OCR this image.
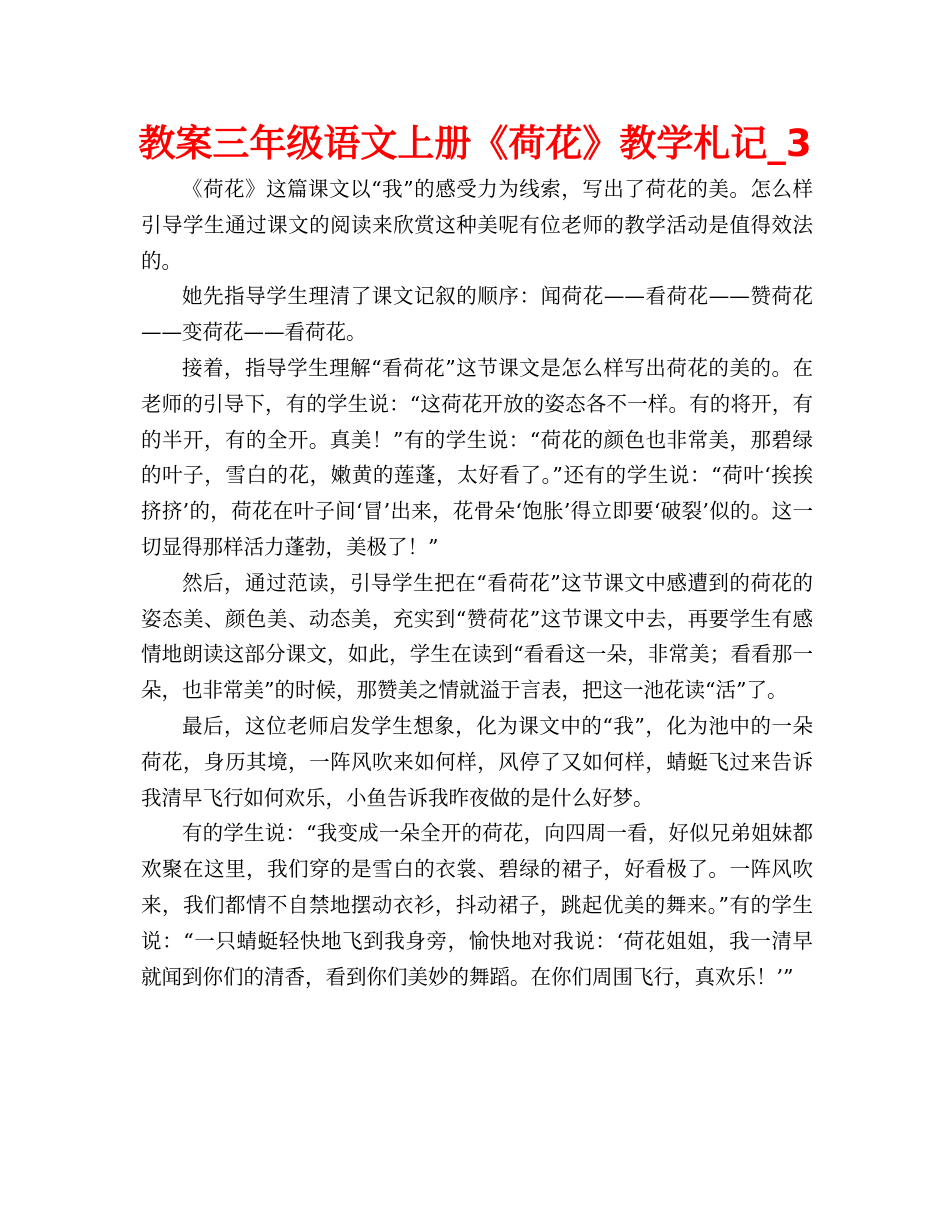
教案三年级语文上册《荷花》教学札记_3

《荷花》这篇课文以“我”的感受力为线索，写出了荷花的美。怎么样引导学生通过课文的阅读来欣赏这种美呢有位老师的教学活动是值得效法的。

她先指导学生理清了课文记叙的顺序：闻荷花——看荷花——赞荷花——变荷花——看荷花。

接着，指导学生理解“看荷花”这节课文是怎么样写出荷花的美的。在老师的引导下，有的学生说：“这荷花开放的姿态各不一样。有的将开，有的半开，有的全开。真美！”有的学生说：“荷花的颜色也非常美，那碧绿的叶子，雪白的花，嫩黄的莲蓬，太好看了。”还有的学生说：“荷叶‘挨挨挤挤’的，荷花在叶子间‘冒’出来，花骨朵‘饱胀’得立即要‘破裂’似的。这一切显得那样活力蓬勃，美极了！”

然后，通过范读，引导学生把在“看荷花”这节课文中感遭到的荷花的姿态美、颜色美、动态美，充实到“赞荷花”这节课文中去，再要学生有感情地朗读这部分课文，如此，学生在读到“看看这一朵，非常美；看看那一朵，也非常美”的时候，那赞美之情就溢于言表，把这一池花读“活”了。

最后，这位老师启发学生想象，化为课文中的“我”，化为池中的一朵荷花，身历其境，一阵风吹来如何样，风停了又如何样，蜻蜓飞过来告诉我清早飞行如何欢乐，小鱼告诉我昨夜做的是什么好梦。

有的学生说：“我变成一朵全开的荷花，向四周一看，好似兄弟姐妹都欢聚在这里，我们穿的是雪白的衣裳、碧绿的裙子，好看极了。一阵风吹来，我们都情不自禁地摆动衣衫，抖动裙子，跳起优美的舞来。”有的学生说：“一只蜻蜓轻快地飞到我身旁，愉快地对我说：‘荷花姐姐，我一清早就闻到你们的清香，看到你们美妙的舞蹈。在你们周围飞行，真欢乐！’”
